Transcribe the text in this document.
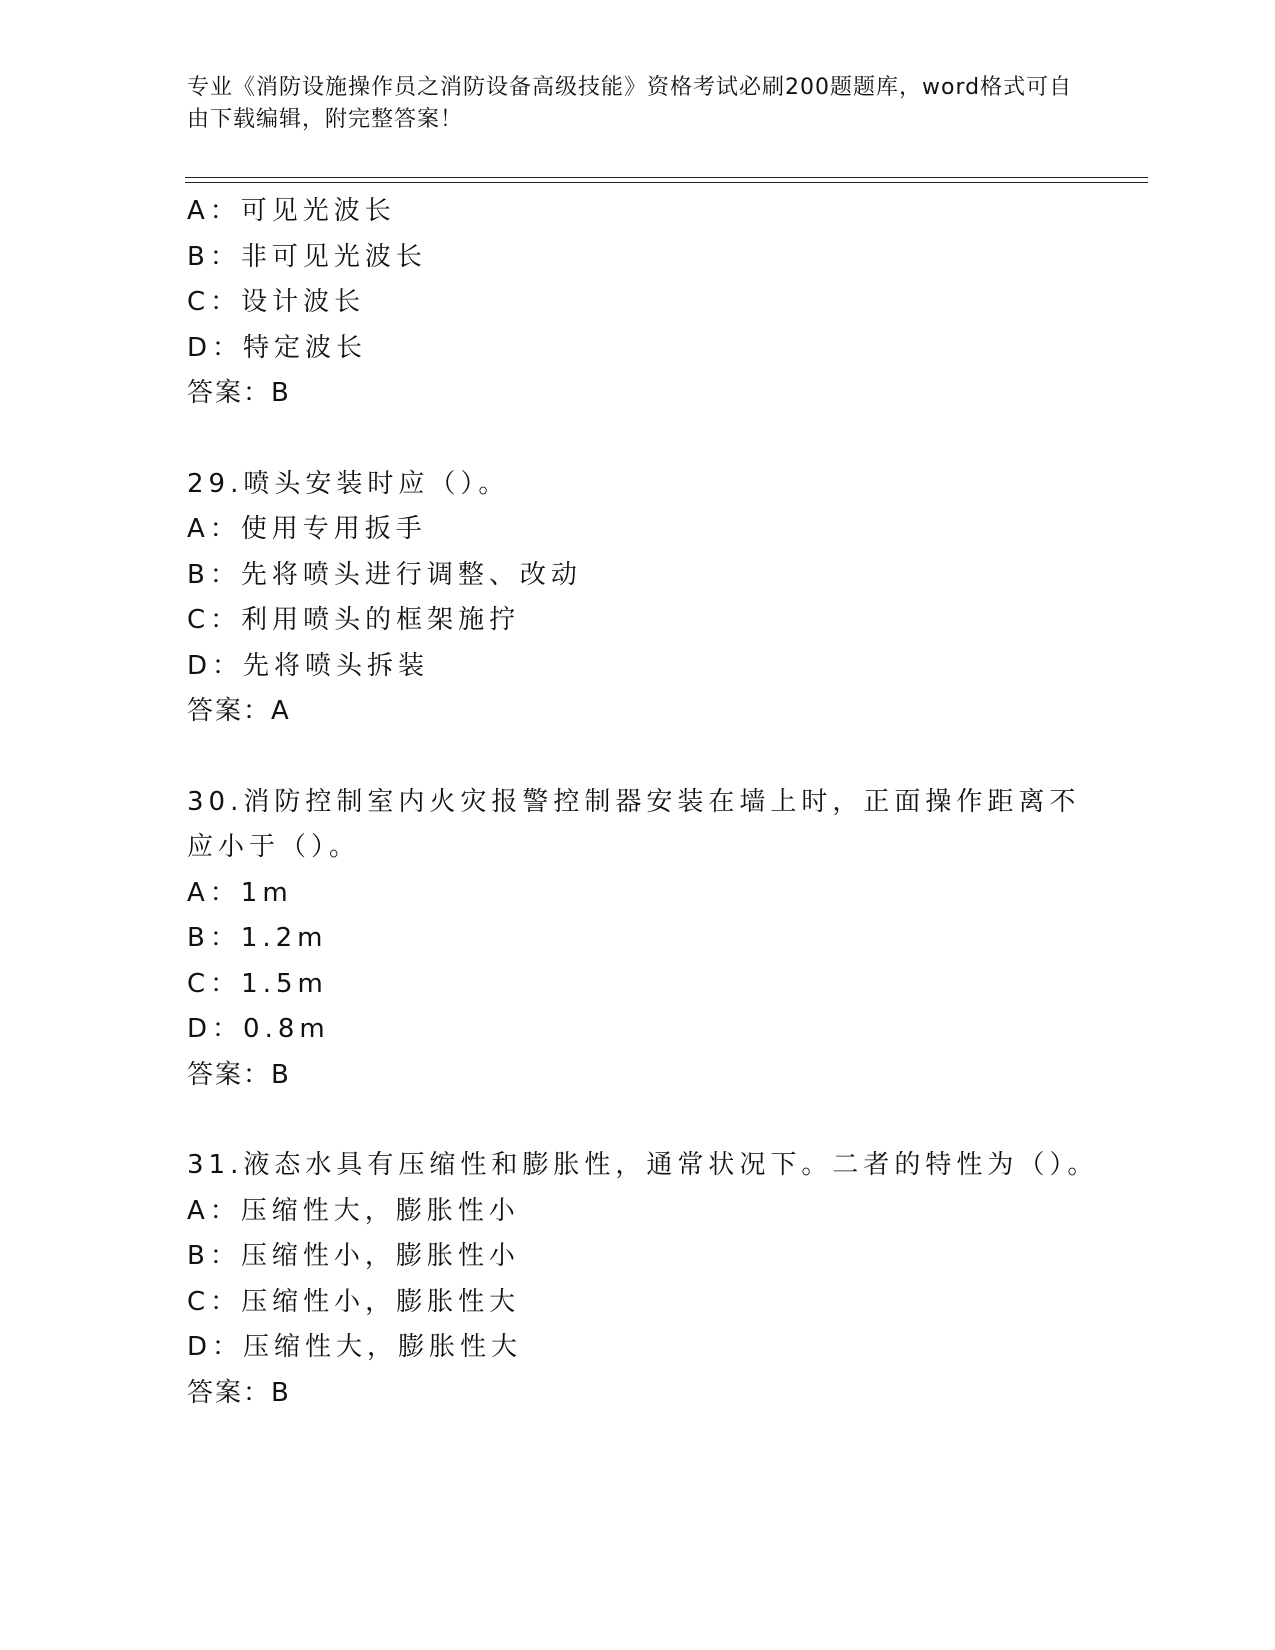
专业《消防设施操作员之消防设备高级技能》资格考试必刷200题题库，word格式可自由下载编辑，附完整答案！
A：可见光波长
B：非可见光波长
C：设计波长
D：特定波长
答案：B
29.喷头安装时应（）。
A：使用专用扳手
B：先将喷头进行调整、改动
C：利用喷头的框架施拧
D：先将喷头拆装
答案：A
30.消防控制室内火灾报警控制器安装在墙上时，正面操作距离不应小于（）。
A：1m
B：1.2m
C：1.5m
D：0.8m
答案：B
31.液态水具有压缩性和膨胀性，通常状况下。二者的特性为（）。
A：压缩性大，膨胀性小
B：压缩性小，膨胀性小
C：压缩性小，膨胀性大
D：压缩性大，膨胀性大
答案：B
